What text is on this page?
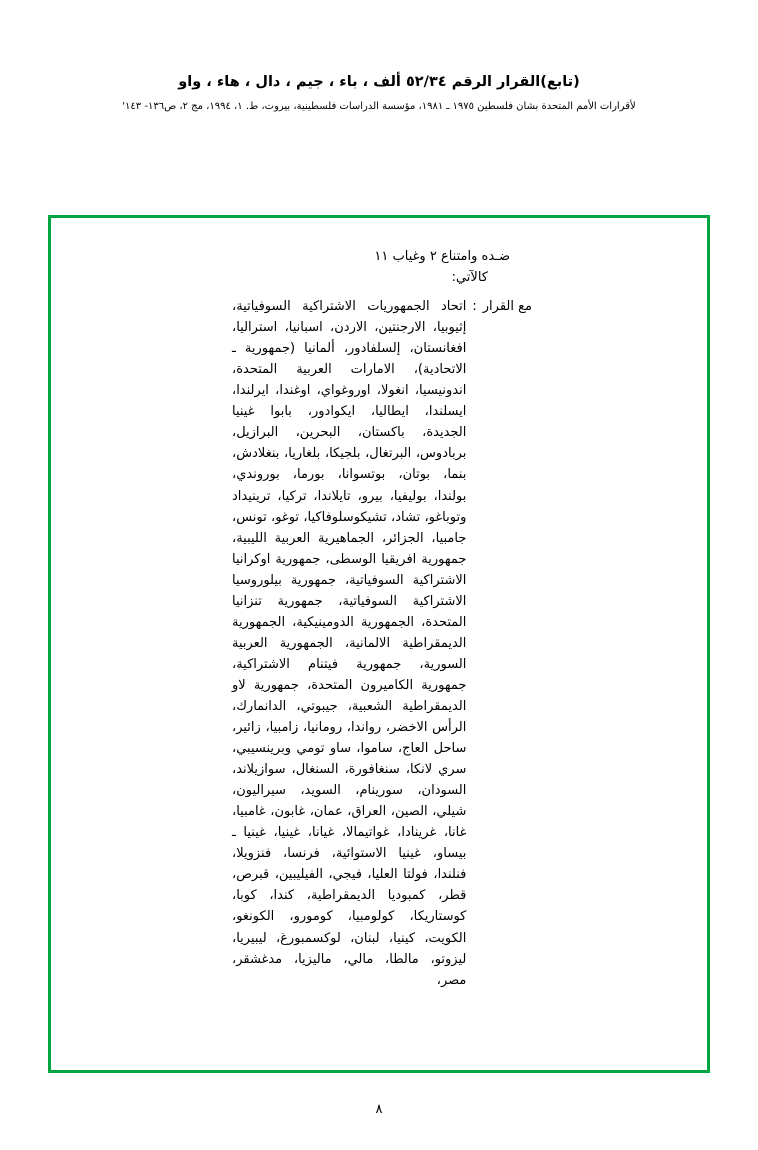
(تابع)القرار الرقم ٥٢/٣٤ ألف ، باء ، جيم ، دال ، هاء ، واو
لأقرارات الأمم المتحدة بشان فلسطين ١٩٧٥ ـ ١٩٨١، مؤسسة الدراسات فلسطينية، بيروت، ط. ١، ١٩٩٤، مج ٢، ص١٣٦- ١٤٣'

ضـده وامتناع ٢ وغياب ١١

كالآتي:

مع القرار
:
اتحاد الجمهوريات الاشتراكية السوفياتية، إثيوبيا، الارجنتين، الاردن، اسبانيا، استراليا، افغانستان، إلسلفادور، ألمانيا (جمهورية ـ الاتحادية)، الامارات العربية المتحدة، اندونيسيا، انغولا، اوروغواي، اوغندا، ايرلندا، ايسلندا، ايطاليا، ايكوادور، بابوا غينيا الجديدة، باكستان، البحرين، البرازيل، بربادوس، البرتغال، بلجيكا، بلغاريا، بنغلادش، بنما، بوتان، بوتسوانا، بورما، بوروندي، بولندا، بوليفيا، بيرو، تايلاندا، تركيا، ترينيداد وتوباغو، تشاد، تشيكوسلوفاكيا، توغو، تونس، جامبيا، الجزائر، الجماهيرية العربية الليبية، جمهورية افريقيا الوسطى، جمهورية اوكرانيا الاشتراكية السوفياتية، جمهورية بيلوروسيا الاشتراكية السوفياتية، جمهورية تنزانيا المتحدة، الجمهورية الدومينيكية، الجمهورية الديمقراطية الالمانية، الجمهورية العربية السورية، جمهورية فيتنام الاشتراكية، جمهورية الكاميرون المتحدة، جمهورية لاو الديمقراطية الشعبية، جيبوتي، الدانمارك، الرأس الاخضر، رواندا، رومانيا، زامبيا، زائير، ساحل العاج، ساموا، ساو تومي وبرينسيبي، سري لانكا، سنغافورة، السنغال، سوازيلاند، السودان، سورينام، السويد، سيراليون، شيلي، الصين، العراق، عمان، غابون، غامبيا، غانا، غرينادا، غواتيمالا، غيانا، غينيا، غينيا ـ بيساو، غينيا الاستوائية، فرنسا، فنزويلا، فنلندا، فولتا العليا، فيجي، الفيليبين، قبرص، قطر، كمبوديا الديمقراطية، كندا، كوبا، كوستاريكا، كولومبيا، كومورو، الكونغو، الكويت، كينيا، لبنان، لوكسمبورغ، ليبيريا، ليزوتو، مالطا، مالي، ماليزيا، مدغشقر، مصر،
٨
